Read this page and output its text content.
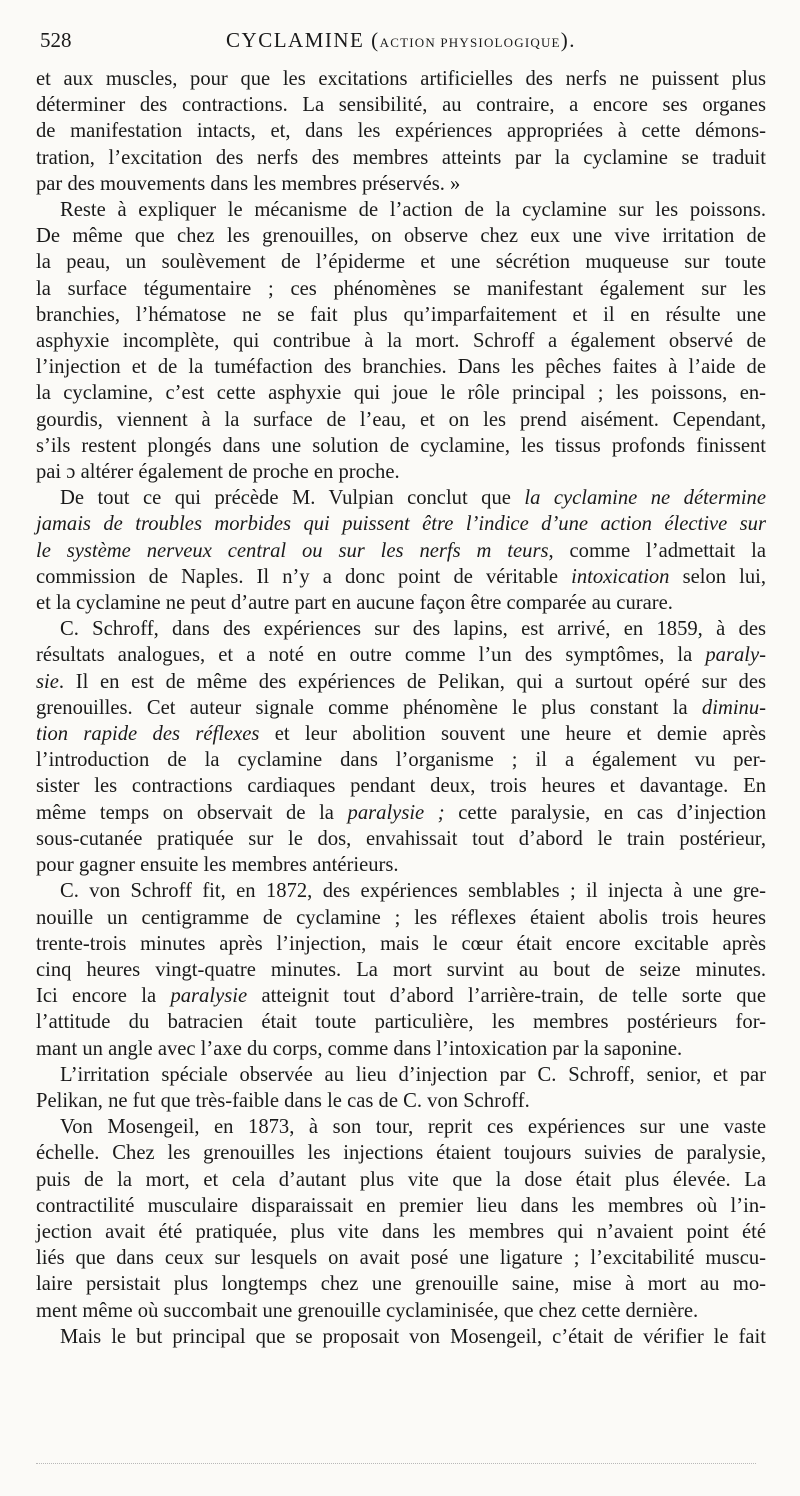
528	CYCLAMINE (ACTION PHYSIOLOGIQUE).
et aux muscles, pour que les excitations artificielles des nerfs ne puissent plus
déterminer des contractions. La sensibilité, au contraire, a encore ses organes
de manifestation intacts, et, dans les expériences appropriées à cette démons-
tration, l’excitation des nerfs des membres atteints par la cyclamine se traduit
par des mouvements dans les membres préservés. »
Reste à expliquer le mécanisme de l’action de la cyclamine sur les poissons.
De même que chez les grenouilles, on observe chez eux une vive irritation de
la peau, un soulèvement de l’épiderme et une sécrétion muqueuse sur toute
la surface tégumentaire ; ces phénomènes se manifestant également sur les
branchies, l’hématose ne se fait plus qu’imparfaitement et il en résulte une
asphyxie incomplète, qui contribue à la mort. Schroff a également observé de
l’injection et de la tuméfaction des branchies. Dans les pêches faites à l’aide de
la cyclamine, c’est cette asphyxie qui joue le rôle principal ; les poissons, en-
gourdis, viennent à la surface de l’eau, et on les prend aisément. Cependant,
s’ils restent plongés dans une solution de cyclamine, les tissus profonds finissent
pai ɔ altérer également de proche en proche.
De tout ce qui précède M. Vulpian conclut que la cyclamine ne détermine
jamais de troubles morbides qui puissent être l’indice d’une action élective sur
le système nerveux central ou sur les nerfs m teurs, comme l’admettait la
commission de Naples. Il n’y a donc point de véritable intoxication selon lui,
et la cyclamine ne peut d’autre part en aucune façon être comparée au curare.
C. Schroff, dans des expériences sur des lapins, est arrivé, en 1859, à des
résultats analogues, et a noté en outre comme l’un des symptômes, la paraly-
sie. Il en est de même des expériences de Pelikan, qui a surtout opéré sur des
grenouilles. Cet auteur signale comme phénomène le plus constant la diminu-
tion rapide des réflexes et leur abolition souvent une heure et demie après
l’introduction de la cyclamine dans l’organisme ; il a également vu per-
sister les contractions cardiaques pendant deux, trois heures et davantage. En
même temps on observait de la paralysie ; cette paralysie, en cas d’injection
sous-cutanée pratiquée sur le dos, envahissait tout d’abord le train postérieur,
pour gagner ensuite les membres antérieurs.
C. von Schroff fit, en 1872, des expériences semblables ; il injecta à une gre-
nouille un centigramme de cyclamine ; les réflexes étaient abolis trois heures
trente-trois minutes après l’injection, mais le cœur était encore excitable après
cinq heures vingt-quatre minutes. La mort survint au bout de seize minutes.
Ici encore la paralysie atteignit tout d’abord l’arrière-train, de telle sorte que
l’attitude du batracien était toute particulière, les membres postérieurs for-
mant un angle avec l’axe du corps, comme dans l’intoxication par la saponine.
L’irritation spéciale observée au lieu d’injection par C. Schroff, senior, et par
Pelikan, ne fut que très-faible dans le cas de C. von Schroff.
Von Mosengeil, en 1873, à son tour, reprit ces expériences sur une vaste
échelle. Chez les grenouilles les injections étaient toujours suivies de paralysie,
puis de la mort, et cela d’autant plus vite que la dose était plus élevée. La
contractilité musculaire disparaissait en premier lieu dans les membres où l’in-
jection avait été pratiquée, plus vite dans les membres qui n’avaient point été
liés que dans ceux sur lesquels on avait posé une ligature ; l’excitabilité muscu-
laire persistait plus longtemps chez une grenouille saine, mise à mort au mo-
ment même où succombait une grenouille cyclaminisée, que chez cette dernière.
Mais le but principal que se proposait von Mosengeil, c’était de vérifier le fait
